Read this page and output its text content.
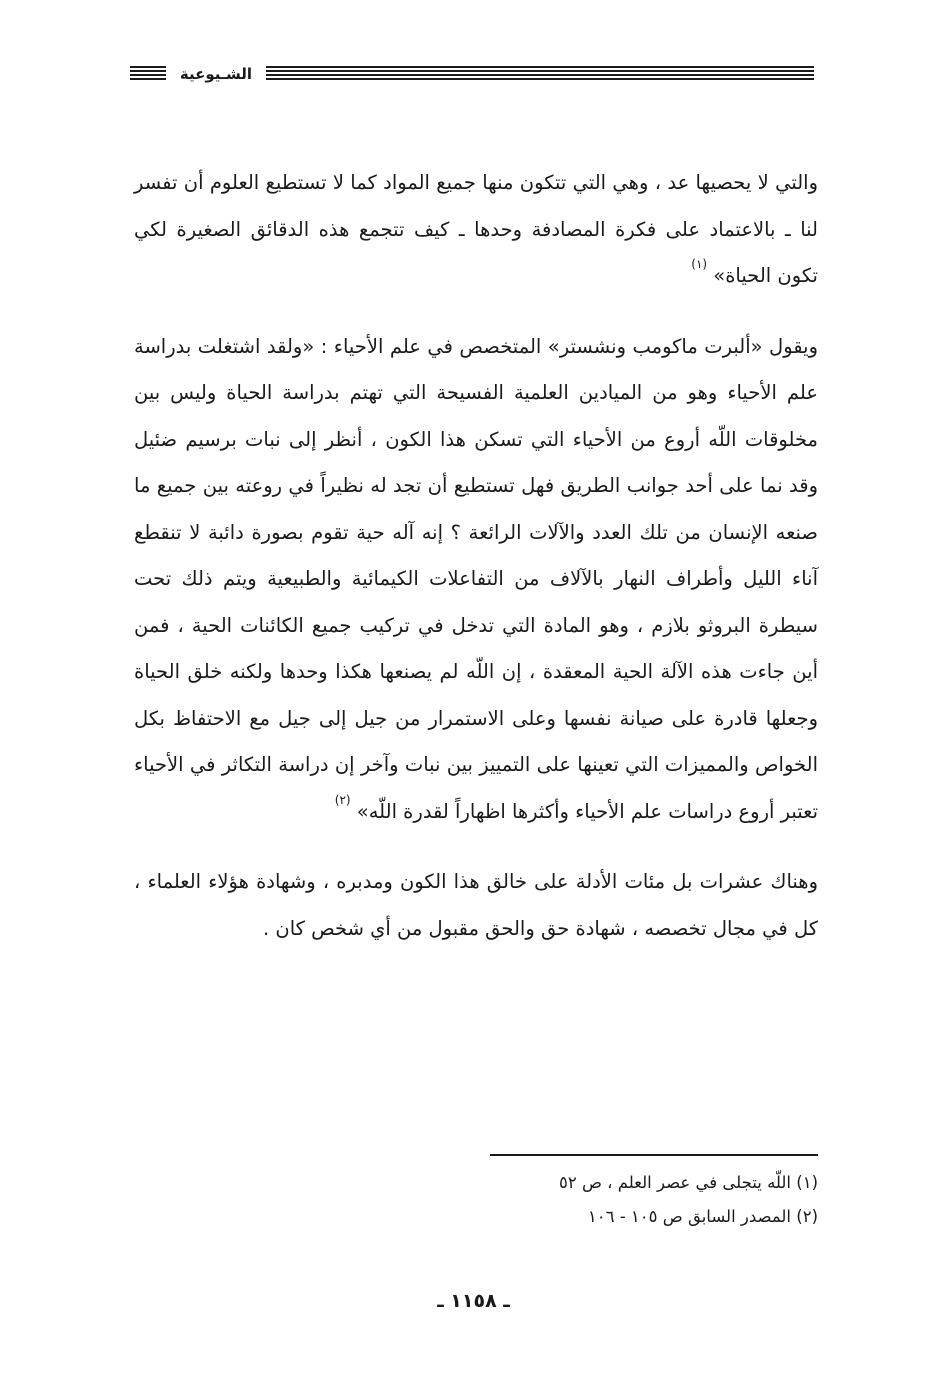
الشـيوعية

والتي لا يحصيها عد ، وهي التي تتكون منها جميع المواد كما لا تستطيع العلوم أن تفسر لنا ـ بالاعتماد على فكرة المصادفة وحدها ـ كيف تتجمع هذه الدقائق الصغيرة لكي تكون الحياة» $^{(١)}$

ويقول «ألبرت ماكومب ونشستر» المتخصص في علم الأحياء : «ولقد اشتغلت بدراسة علم الأحياء وهو من الميادين العلمية الفسيحة التي تهتم بدراسة الحياة وليس بين مخلوقات اللّه أروع من الأحياء التي تسكن هذا الكون ، أنظر إلى نبات برسيم ضئيل وقد نما على أحد جوانب الطريق فهل تستطيع أن تجد له نظيراً في روعته بين جميع ما صنعه الإنسان من تلك العدد والآلات الرائعة ؟ إنه آله حية تقوم بصورة دائبة لا تنقطع آناء الليل وأطراف النهار بالآلاف من التفاعلات الكيمائية والطبيعية ويتم ذلك تحت سيطرة البروثو بلازم ، وهو المادة التي تدخل في تركيب جميع الكائنات الحية ، فمن أين جاءت هذه الآلة الحية المعقدة ، إن اللّه لم يصنعها هكذا وحدها ولكنه خلق الحياة وجعلها قادرة على صيانة نفسها وعلى الاستمرار من جيل إلى جيل مع الاحتفاظ بكل الخواص والمميزات التي تعينها على التمييز بين نبات وآخر إن دراسة التكاثر في الأحياء تعتبر أروع دراسات علم الأحياء وأكثرها اظهاراً لقدرة اللّه» $^{(٢)}$

وهناك عشرات بل مئات الأدلة على خالق هذا الكون ومدبره ، وشهادة هؤلاء العلماء ، كل في مجال تخصصه ، شهادة حق والحق مقبول من أي شخص كان .

(١) اللّه يتجلى في عصر العلم ، ص ٥٢
(٢) المصدر السابق ص ١٠٥ - ١٠٦
ـ ١١٥٨ ـ
